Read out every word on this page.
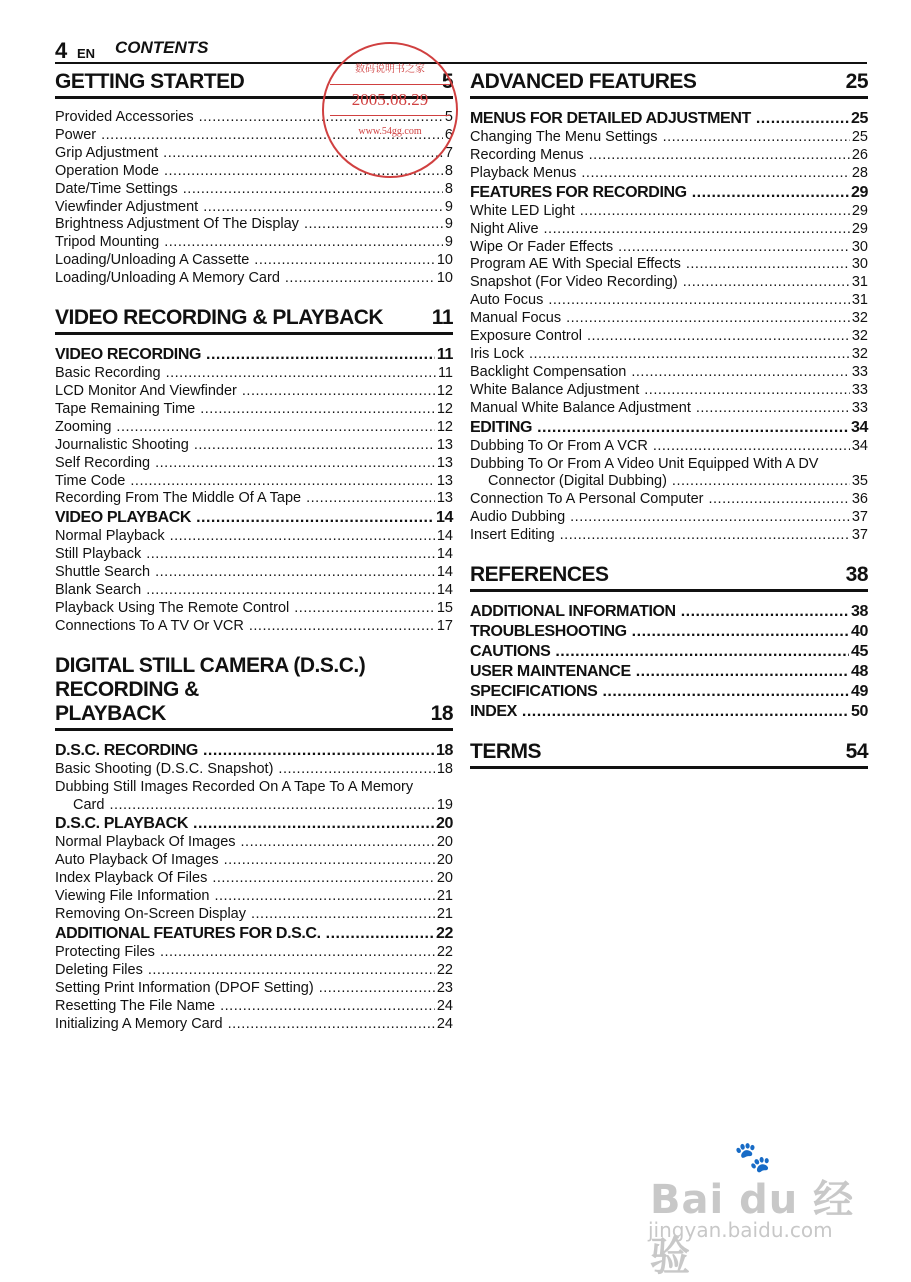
4 EN CONTENTS
GETTING STARTED	5
Provided Accessories .....	5
Power .....	6
Grip Adjustment .....	7
Operation Mode .....	8
Date/Time Settings .....	8
Viewfinder Adjustment .....	9
Brightness Adjustment Of The Display .....	9
Tripod Mounting .....	9
Loading/Unloading A Cassette .....	10
Loading/Unloading A Memory Card .....	10
VIDEO RECORDING & PLAYBACK 11
VIDEO RECORDING .....	11
Basic Recording .....	11
LCD Monitor And Viewfinder .....	12
Tape Remaining Time .....	12
Zooming .....	12
Journalistic Shooting .....	13
Self Recording .....	13
Time Code .....	13
Recording From The Middle Of A Tape .....	13
VIDEO PLAYBACK .....	14
Normal Playback .....	14
Still Playback .....	14
Shuttle Search .....	14
Blank Search .....	14
Playback Using The Remote Control .....	15
Connections To A TV Or VCR .....	17
DIGITAL STILL CAMERA (D.S.C.) RECORDING &
PLAYBACK	18
D.S.C. RECORDING .....	18
Basic Shooting (D.S.C. Snapshot) .....	18
Dubbing Still Images Recorded On A Tape To A Memory
Card .....	19
D.S.C. PLAYBACK .....	20
Normal Playback Of Images .....	20
Auto Playback Of Images .....	20
Index Playback Of Files .....	20
Viewing File Information .....	21
Removing On-Screen Display .....	21
ADDITIONAL FEATURES FOR D.S.C. .....	22
Protecting Files .....	22
Deleting Files .....	22
Setting Print Information (DPOF Setting) .....	23
Resetting The File Name .....	24
Initializing A Memory Card .....	24
ADVANCED FEATURES	25
MENUS FOR DETAILED ADJUSTMENT .....	25
Changing The Menu Settings .....	25
Recording Menus .....	26
Playback Menus .....	28
FEATURES FOR RECORDING .....	29
White LED Light .....	29
Night Alive .....	29
Wipe Or Fader Effects .....	30
Program AE With Special Effects .....	30
Snapshot (For Video Recording) .....	31
Auto Focus .....	31
Manual Focus .....	32
Exposure Control .....	32
Iris Lock .....	32
Backlight Compensation .....	33
White Balance Adjustment .....	33
Manual White Balance Adjustment .....	33
EDITING .....	34
Dubbing To Or From A VCR .....	34
Dubbing To Or From A Video Unit Equipped With A DV
Connector (Digital Dubbing) .....	35
Connection To A Personal Computer .....	36
Audio Dubbing .....	37
Insert Editing .....	37
REFERENCES	38
ADDITIONAL INFORMATION .....	38
TROUBLESHOOTING .....	40
CAUTIONS .....	45
USER MAINTENANCE .....	48
SPECIFICATIONS .....	49
INDEX .....	50
TERMS	54
数码说明书之家
2005.08.29
www.54gg.com
🐾
Bai du 经验
jingyan.baidu.com
